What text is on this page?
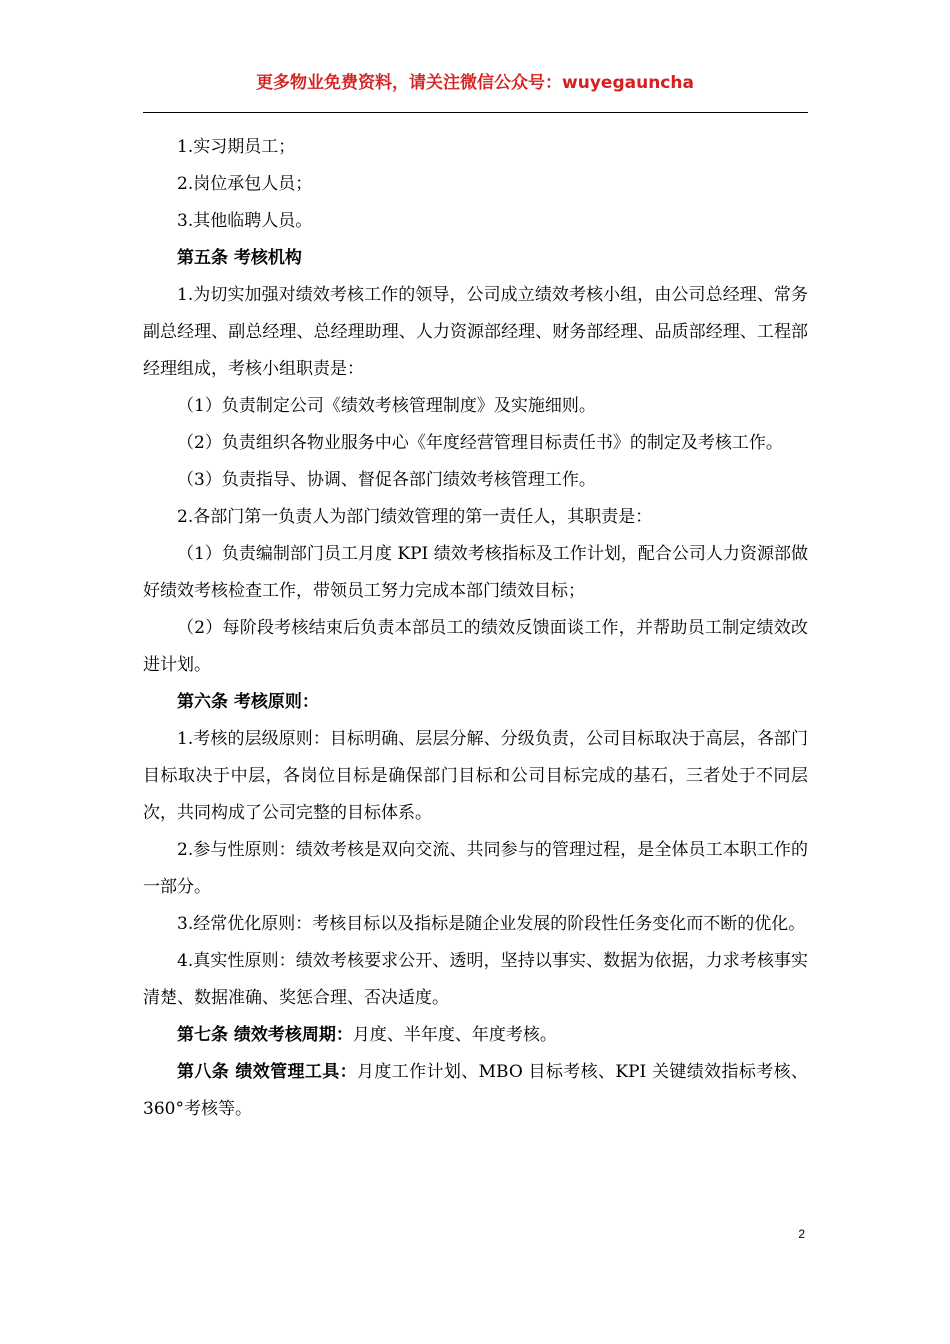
更多物业免费资料，请关注微信公众号：wuyegauncha

1.实习期员工；

2.岗位承包人员；

3.其他临聘人员。

第五条 考核机构

1.为切实加强对绩效考核工作的领导，公司成立绩效考核小组，由公司总经理、常务副总经理、副总经理、总经理助理、人力资源部经理、财务部经理、品质部经理、工程部经理组成，考核小组职责是：

（1）负责制定公司《绩效考核管理制度》及实施细则。

（2）负责组织各物业服务中心《年度经营管理目标责任书》的制定及考核工作。

（3）负责指导、协调、督促各部门绩效考核管理工作。

2.各部门第一负责人为部门绩效管理的第一责任人，其职责是：

（1）负责编制部门员工月度 KPI 绩效考核指标及工作计划，配合公司人力资源部做好绩效考核检查工作，带领员工努力完成本部门绩效目标；

（2）每阶段考核结束后负责本部员工的绩效反馈面谈工作，并帮助员工制定绩效改进计划。

第六条 考核原则：

1.考核的层级原则：目标明确、层层分解、分级负责，公司目标取决于高层，各部门目标取决于中层，各岗位目标是确保部门目标和公司目标完成的基石，三者处于不同层次，共同构成了公司完整的目标体系。

2.参与性原则：绩效考核是双向交流、共同参与的管理过程，是全体员工本职工作的一部分。

3.经常优化原则：考核目标以及指标是随企业发展的阶段性任务变化而不断的优化。

4.真实性原则：绩效考核要求公开、透明，坚持以事实、数据为依据，力求考核事实清楚、数据准确、奖惩合理、否决适度。

第七条 绩效考核周期：月度、半年度、年度考核。

第八条 绩效管理工具：月度工作计划、MBO 目标考核、KPI 关键绩效指标考核、360°考核等。

2
